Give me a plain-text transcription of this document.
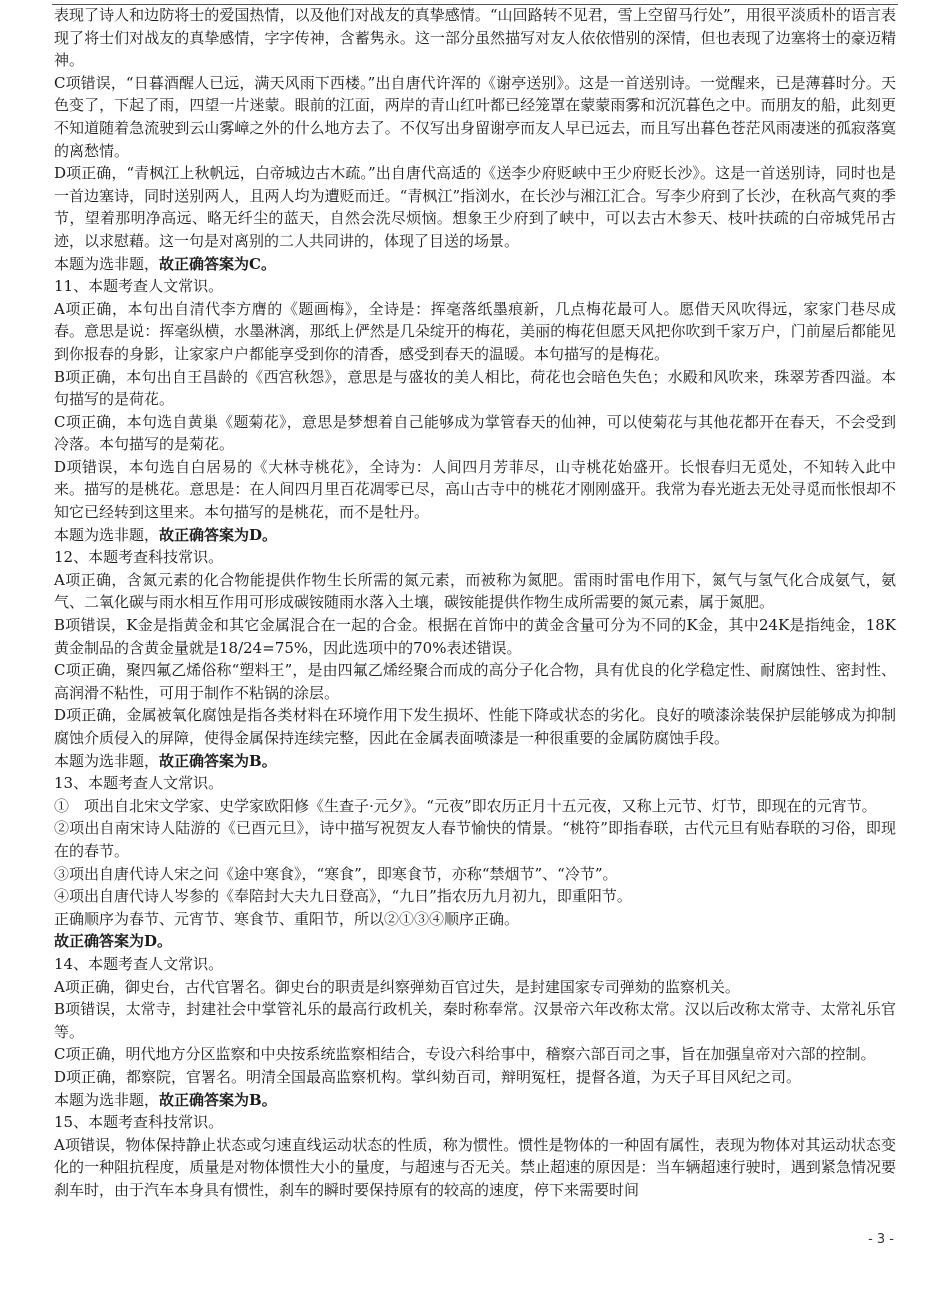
表现了诗人和边防将士的爱国热情，以及他们对战友的真挚感情。“山回路转不见君，雪上空留马行处”，用很平淡质朴的语言表现了将士们对战友的真挚感情，字字传神，含蓄隽永。这一部分虽然描写对友人依依惜别的深情，但也表现了边塞将士的豪迈精神。

C项错误，“日暮酒醒人已远，满天风雨下西楼。”出自唐代许浑的《谢亭送别》。这是一首送别诗。一觉醒来，已是薄暮时分。天色变了，下起了雨，四望一片迷蒙。眼前的江面，两岸的青山红叶都已经笼罩在蒙蒙雨雾和沉沉暮色之中。而朋友的船，此刻更不知道随着急流驶到云山雾嶂之外的什么地方去了。不仅写出身留谢亭而友人早已远去，而且写出暮色苍茫风雨凄迷的孤寂落寞的离愁情。

D项正确，“青枫江上秋帆远，白帝城边古木疏。”出自唐代高适的《送李少府贬峡中王少府贬长沙》。这是一首送别诗，同时也是一首边塞诗，同时送别两人，且两人均为遭贬而迁。“青枫江”指浏水，在长沙与湘江汇合。写李少府到了长沙，在秋高气爽的季节，望着那明净高远、略无纤尘的蓝天，自然会洗尽烦恼。想象王少府到了峡中，可以去古木参天、枝叶扶疏的白帝城凭吊古迹，以求慰藉。这一句是对离别的二人共同讲的，体现了目送的场景。

本题为选非题，故正确答案为C。

11、本题考查人文常识。

A项正确，本句出自清代李方膺的《题画梅》，全诗是：挥毫落纸墨痕新，几点梅花最可人。愿借天风吹得远，家家门巷尽成春。意思是说：挥毫纵横，水墨淋漓，那纸上俨然是几朵绽开的梅花，美丽的梅花但愿天风把你吹到千家万户，门前屋后都能见到你报春的身影，让家家户户都能享受到你的清香，感受到春天的温暖。本句描写的是梅花。

B项正确，本句出自王昌龄的《西宫秋怨》，意思是与盛妆的美人相比，荷花也会暗色失色；水殿和风吹来，珠翠芳香四溢。本句描写的是荷花。

C项正确，本句选自黄巢《题菊花》，意思是梦想着自己能够成为掌管春天的仙神，可以使菊花与其他花都开在春天，不会受到冷落。本句描写的是菊花。

D项错误，本句选自白居易的《大林寺桃花》，全诗为：人间四月芳菲尽，山寺桃花始盛开。长恨春归无觅处，不知转入此中来。描写的是桃花。意思是：在人间四月里百花凋零已尽，高山古寺中的桃花才刚刚盛开。我常为春光逝去无处寻觅而怅恨却不知它已经转到这里来。本句描写的是桃花，而不是牡丹。

本题为选非题，故正确答案为D。

12、本题考查科技常识。

A项正确，含氮元素的化合物能提供作物生长所需的氮元素，而被称为氮肥。雷雨时雷电作用下，氮气与氢气化合成氨气，氨气、二氧化碳与雨水相互作用可形成碳铵随雨水落入土壤，碳铵能提供作物生成所需要的氮元素，属于氮肥。

B项错误，K金是指黄金和其它金属混合在一起的合金。根据在首饰中的黄金含量可分为不同的K金，其中24K是指纯金，18K黄金制品的含黄金量就是18/24=75%，因此选项中的70%表述错误。

C项正确，聚四氟乙烯俗称“塑料王”，是由四氟乙烯经聚合而成的高分子化合物，具有优良的化学稳定性、耐腐蚀性、密封性、高润滑不粘性，可用于制作不粘锅的涂层。

D项正确，金属被氧化腐蚀是指各类材料在环境作用下发生损坏、性能下降或状态的劣化。良好的喷漆涂装保护层能够成为抑制腐蚀介质侵入的屏障，使得金属保持连续完整，因此在金属表面喷漆是一种很重要的金属防腐蚀手段。

本题为选非题，故正确答案为B。

13、本题考查人文常识。

①　项出自北宋文学家、史学家欧阳修《生查子·元夕》。“元夜”即农历正月十五元夜，又称上元节、灯节，即现在的元宵节。

②项出自南宋诗人陆游的《已酉元旦》，诗中描写祝贺友人春节愉快的情景。“桃符”即指春联，古代元旦有贴春联的习俗，即现在的春节。

③项出自唐代诗人宋之问《途中寒食》，“寒食”，即寒食节，亦称“禁烟节”、“冷节”。

④项出自唐代诗人岑参的《奉陪封大夫九日登高》，“九日”指农历九月初九，即重阳节。

正确顺序为春节、元宵节、寒食节、重阳节，所以②①③④顺序正确。

故正确答案为D。

14、本题考查人文常识。

A项正确，御史台，古代官署名。御史台的职责是纠察弹劾百官过失，是封建国家专司弹劾的监察机关。

B项错误，太常寺，封建社会中掌管礼乐的最高行政机关，秦时称奉常。汉景帝六年改称太常。汉以后改称太常寺、太常礼乐官等。

C项正确，明代地方分区监察和中央按系统监察相结合，专设六科给事中，稽察六部百司之事，旨在加强皇帝对六部的控制。

D项正确，都察院，官署名。明清全国最高监察机构。掌纠劾百司，辩明冤枉，提督各道，为天子耳目风纪之司。

本题为选非题，故正确答案为B。

15、本题考查科技常识。

A项错误，物体保持静止状态或匀速直线运动状态的性质，称为惯性。惯性是物体的一种固有属性，表现为物体对其运动状态变化的一种阻抗程度，质量是对物体惯性大小的量度，与超速与否无关。禁止超速的原因是：当车辆超速行驶时，遇到紧急情况要刹车时，由于汽车本身具有惯性，刹车的瞬时要保持原有的较高的速度，停下来需要时间

- 3 -
